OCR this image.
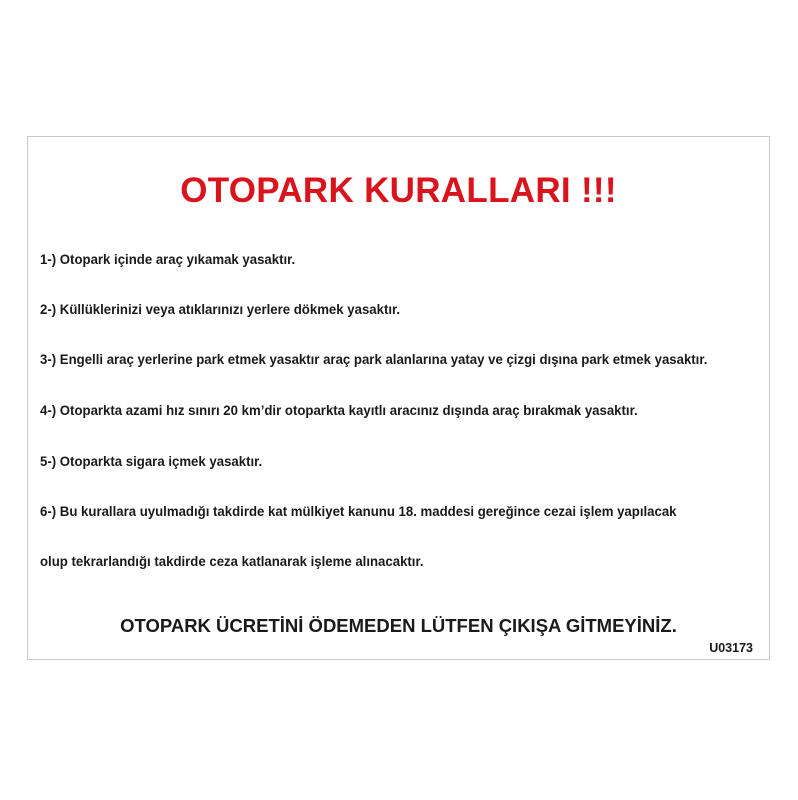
OTOPARK KURALLARI !!!
1-) Otopark içinde araç yıkamak yasaktır.
2-) Küllüklerinizi veya atıklarınızı yerlere dökmek yasaktır.
3-) Engelli araç yerlerine park etmek yasaktır araç park alanlarına yatay ve çizgi dışına park etmek yasaktır.
4-) Otoparkta azami hız sınırı 20 km’dir otoparkta kayıtlı aracınız dışında araç bırakmak yasaktır.
5-) Otoparkta sigara içmek yasaktır.
6-) Bu kurallara uyulmadığı takdirde kat mülkiyet kanunu 18. maddesi gereğince cezai işlem yapılacak
olup tekrarlandığı takdirde ceza katlanarak işleme alınacaktır.
OTOPARK ÜCRETİNİ ÖDEMEDEN LÜTFEN ÇIKIŞA GİTMEYİNİZ.
U03173
